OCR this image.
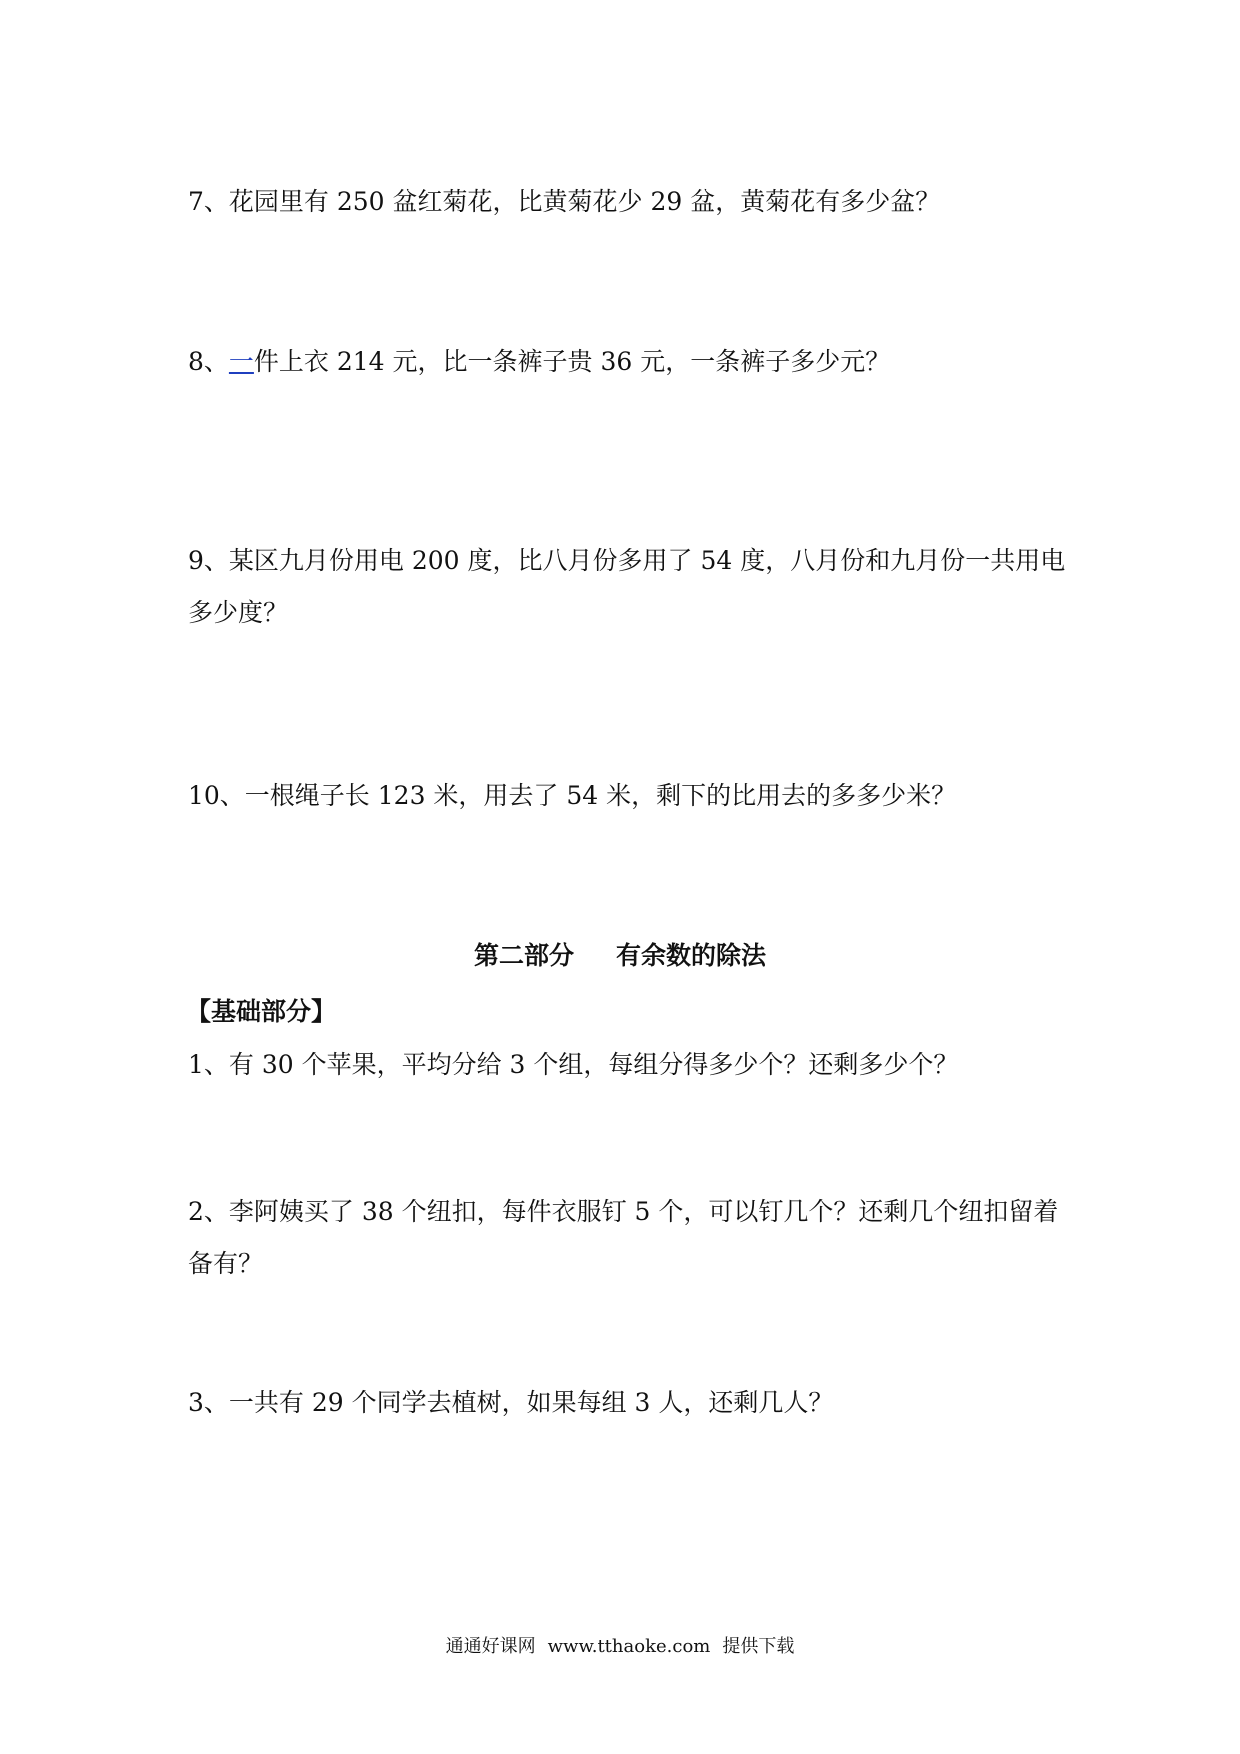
7、花园里有 250 盆红菊花，比黄菊花少 29 盆，黄菊花有多少盆？

8、一件上衣 214 元，比一条裤子贵 36 元，一条裤子多少元？

9、某区九月份用电 200 度，比八月份多用了 54 度，八月份和九月份一共用电多少度？

10、一根绳子长 123 米，用去了 54 米，剩下的比用去的多多少米？

第二部分 有余数的除法
【基础部分】

1、有 30 个苹果，平均分给 3 个组，每组分得多少个？还剩多少个？

2、李阿姨买了 38 个纽扣，每件衣服钉 5 个，可以钉几个？还剩几个纽扣留着备有？

3、一共有 29 个同学去植树，如果每组 3 人，还剩几人？

通通好课网 www.tthaoke.com 提供下载
